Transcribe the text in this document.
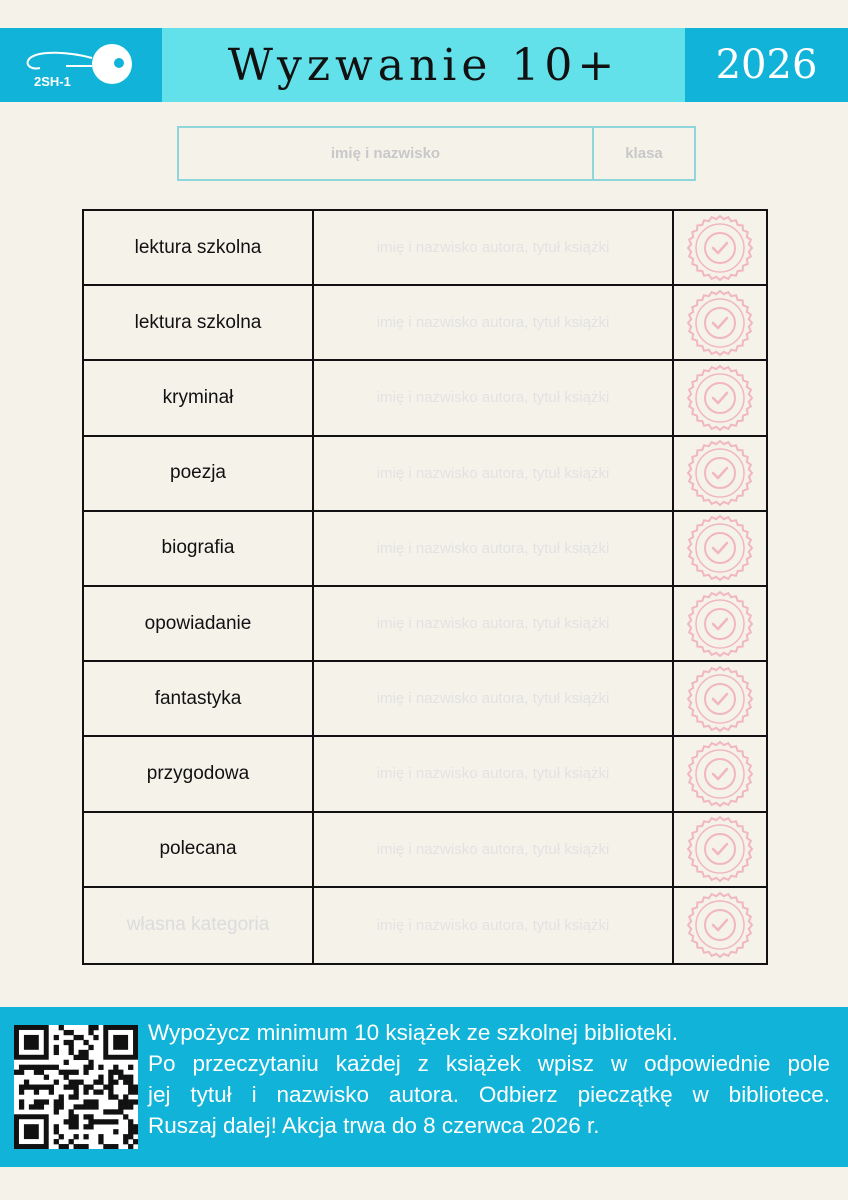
2SH-1	Wyzwanie 10+ 2026
imię i nazwisko	klasa
lektura szkolna	imię i nazwisko autora, tytuł książki
lektura szkolna	imię i nazwisko autora, tytuł książki
kryminał	imię i nazwisko autora, tytuł książki
poezja	imię i nazwisko autora, tytuł książki
biografia	imię i nazwisko autora, tytuł książki
opowiadanie	imię i nazwisko autora, tytuł książki
fantastyka	imię i nazwisko autora, tytuł książki
przygodowa	imię i nazwisko autora, tytuł książki
polecana	imię i nazwisko autora, tytuł książki
własna kategoria	imię i nazwisko autora, tytuł książki
Wypożycz minimum 10 książek ze szkolnej biblioteki.
Po przeczytaniu każdej z książek wpisz w odpowiednie pole
jej tytuł i nazwisko autora. Odbierz pieczątkę w bibliotece.
Ruszaj dalej! Akcja trwa do 8 czerwca 2026 r.
